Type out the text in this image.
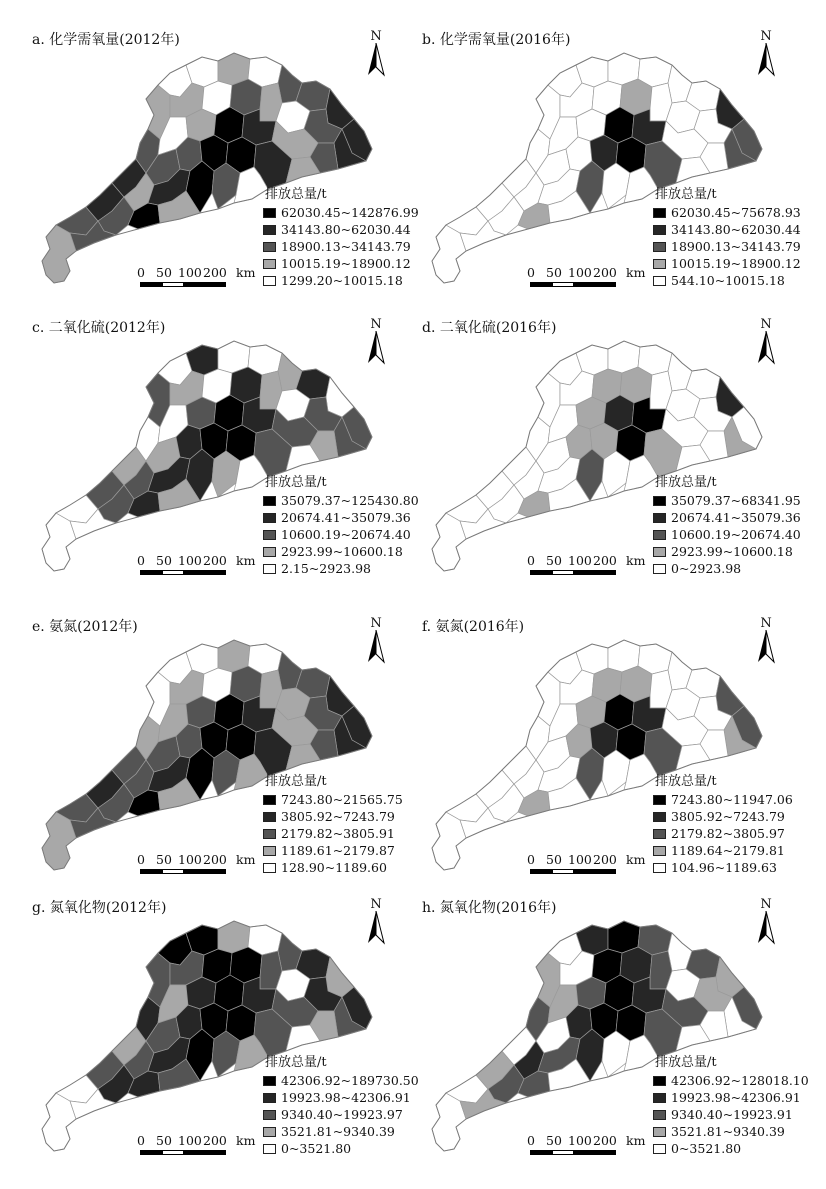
a. 化学需氧量(2012年)	N
排放总量/t
62030.45~142876.99
34143.80~62030.44
18900.13~34143.79
10015.19~18900.12
1299.20~10015.18
0 50 100 200 km
b. 化学需氧量(2016年)	N
排放总量/t
62030.45~75678.93
34143.80~62030.44
18900.13~34143.79
10015.19~18900.12
544.10~10015.18
0 50 100 200 km
c. 二氧化硫(2012年)	N
排放总量/t
35079.37~125430.80
20674.41~35079.36
10600.19~20674.40
2923.99~10600.18
2.15~2923.98
0 50 100 200 km
d. 二氧化硫(2016年)	N
排放总量/t
35079.37~68341.95
20674.41~35079.36
10600.19~20674.40
2923.99~10600.18
0~2923.98
0 50 100 200 km
e. 氨氮(2012年)	N
排放总量/t
7243.80~21565.75
3805.92~7243.79
2179.82~3805.91
1189.61~2179.87
128.90~1189.60
0 50 100 200 km
f. 氨氮(2016年)	N
排放总量/t
7243.80~11947.06
3805.92~7243.79
2179.82~3805.97
1189.64~2179.81
104.96~1189.63
0 50 100 200 km
g. 氮氧化物(2012年)	N
排放总量/t
42306.92~189730.50
19923.98~42306.91
9340.40~19923.97
3521.81~9340.39
0~3521.80
0 50 100 200 km
h. 氮氧化物(2016年)	N
排放总量/t
42306.92~128018.10
19923.98~42306.91
9340.40~19923.91
3521.81~9340.39
0~3521.80
0 50 100 200 km
